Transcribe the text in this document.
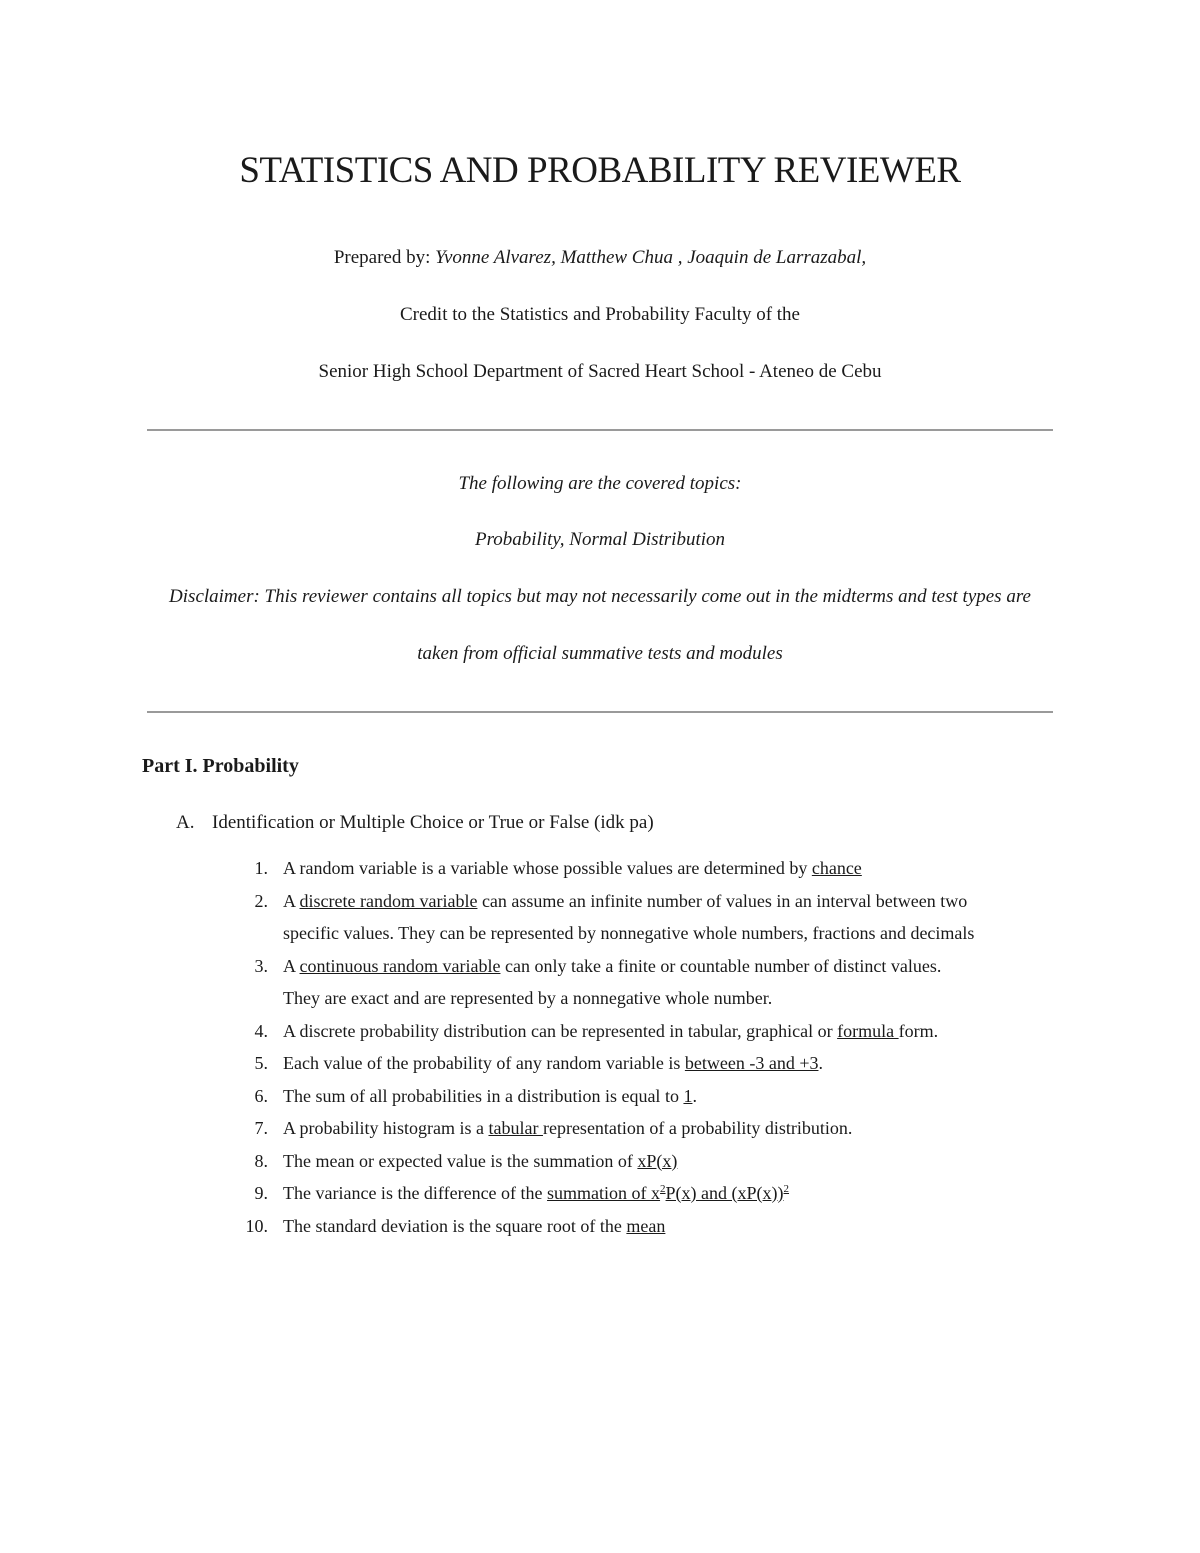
STATISTICS AND PROBABILITY REVIEWER
Prepared by: Yvonne Alvarez, Matthew Chua , Joaquin de Larrazabal,
Credit to the Statistics and Probability Faculty of the
Senior High School Department of Sacred Heart School - Ateneo de Cebu
The following are the covered topics:
Probability, Normal Distribution
Disclaimer: This reviewer contains all topics but may not necessarily come out in the midterms and test types are
taken from official summative tests and modules
Part I. Probability
A. Identification or Multiple Choice or True or False (idk pa)
1. A random variable is a variable whose possible values are determined by chance
2. A discrete random variable can assume an infinite number of values in an interval between two
specific values. They can be represented by nonnegative whole numbers, fractions and decimals
3. A continuous random variable can only take a finite or countable number of distinct values.
They are exact and are represented by a nonnegative whole number.
4. A discrete probability distribution can be represented in tabular, graphical or formula form.
5. Each value of the probability of any random variable is between -3 and +3.
6. The sum of all probabilities in a distribution is equal to 1.
7. A probability histogram is a tabular representation of a probability distribution.
8. The mean or expected value is the summation of xP(x)
9. The variance is the difference of the summation of $x^2P(x)$ and $(xP(x))^2$
10. The standard deviation is the square root of the mean
